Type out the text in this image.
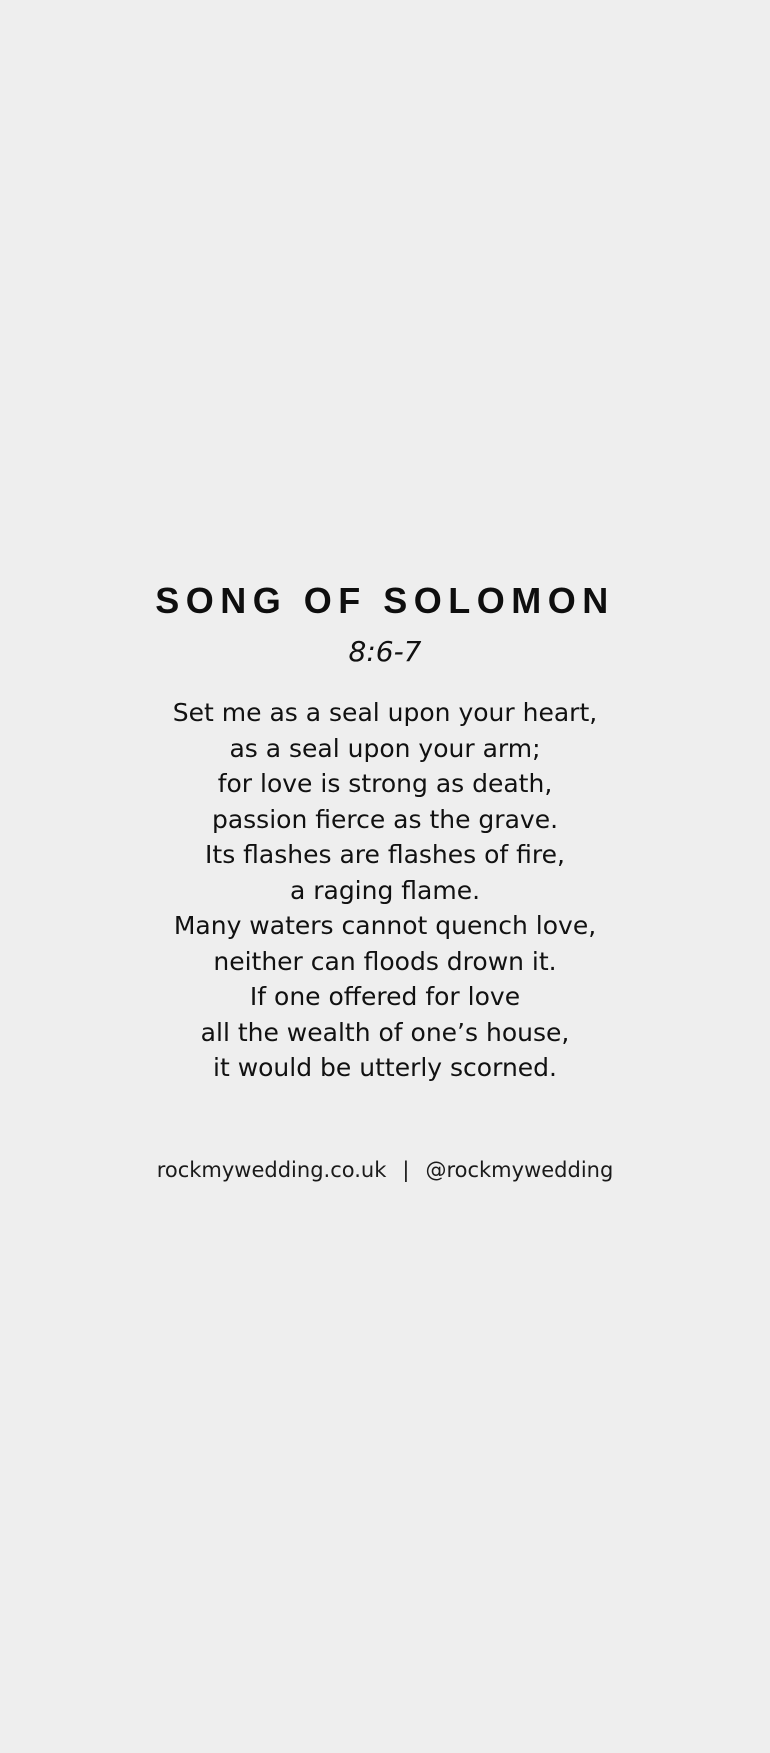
SONG OF SOLOMON
8:6-7
Set me as a seal upon your heart,
as a seal upon your arm;
for love is strong as death,
passion fierce as the grave.
Its flashes are flashes of fire,
a raging flame.
Many waters cannot quench love,
neither can floods drown it.
If one offered for love
all the wealth of one’s house,
it would be utterly scorned.
rockmywedding.co.uk | @rockmywedding
